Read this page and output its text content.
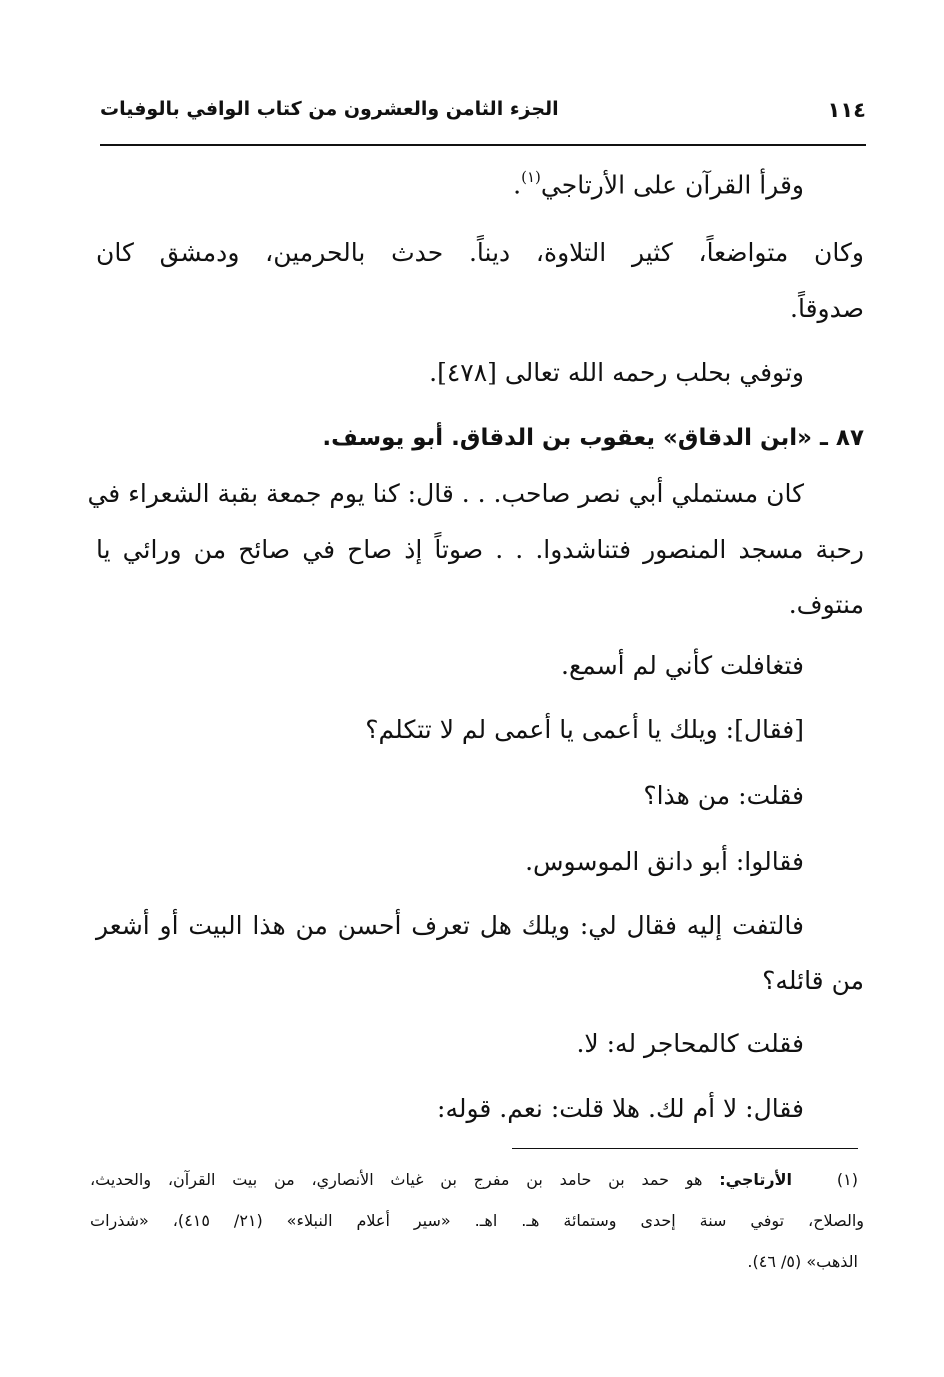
الجزء الثامن والعشرون من كتاب الوافي بالوفيات	١١٤
وقرأ القرآن على الأرتاجي$^{(١)}$.
وكان متواضعاً، كثير التلاوة، ديناً. حدث بالحرمين، ودمشق كان
صدوقاً.
وتوفي بحلب رحمه الله تعالى [٤٧٨].
٨٧ ـ «ابن الدقاق» يعقوب بن الدقاق. أبو يوسف.
كان مستملي أبي نصر صاحب. . . قال: كنا يوم جمعة بقبة الشعراء في
رحبة مسجد المنصور فتناشدوا. . . صوتاً إذ صاح في صائح من ورائي يا
منتوف.
فتغافلت كأني لم أسمع.
[فقال]: ويلك يا أعمى يا أعمى لم لا تتكلم؟
فقلت: من هذا؟
فقالوا: أبو دانق الموسوس.
فالتفت إليه فقال لي: ويلك هل تعرف أحسن من هذا البيت أو أشعر
من قائله؟
فقلت كالمحاجر له: لا.
فقال: لا أم لك. هلا قلت: نعم. قوله:
(١)
الأرتاجي: هو حمد بن حامد بن مفرج بن غياث الأنصاري، من بيت القرآن، والحديث،
والصلاح، توفي سنة إحدى وستمائة هـ. اهـ. «سير أعلام النبلاء» (٢١/ ٤١٥)، «شذرات
الذهب» (٥/ ٤٦).
